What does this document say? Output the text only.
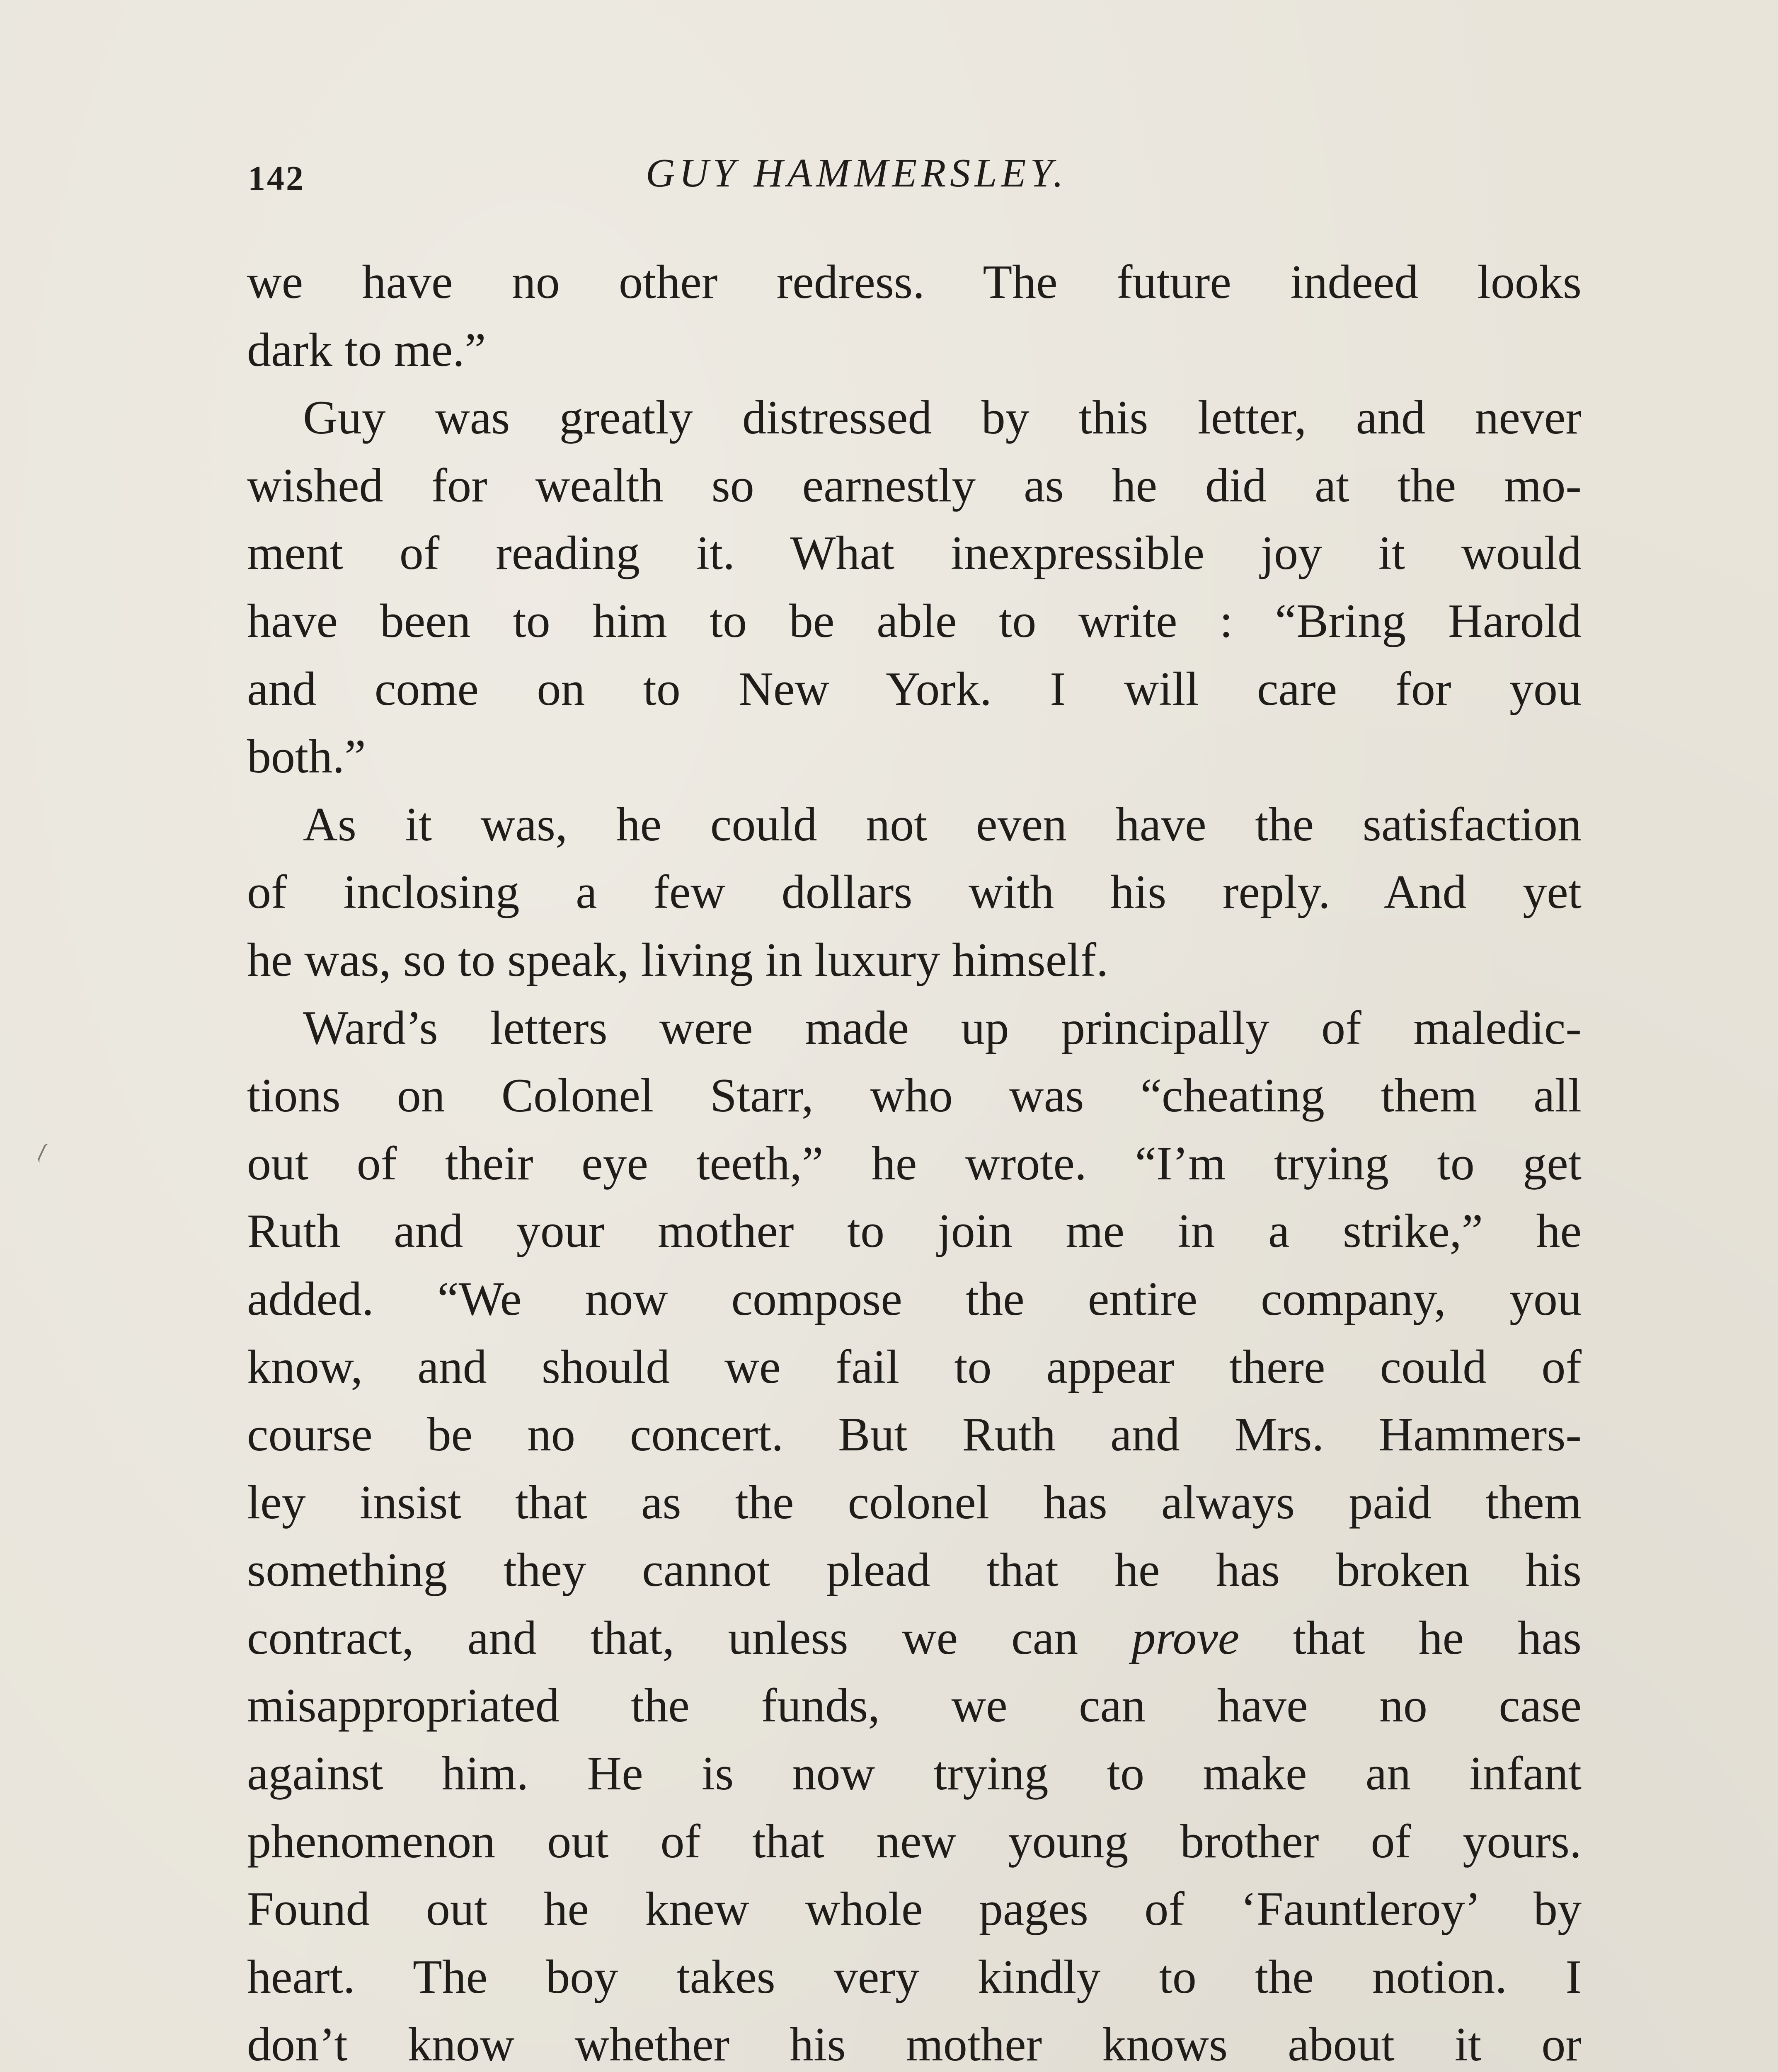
142	GUY HAMMERSLEY.
we have no other redress. The future indeed looks
dark to me.”
Guy was greatly distressed by this letter, and never
wished for wealth so earnestly as he did at the mo-
ment of reading it. What inexpressible joy it would
have been to him to be able to write : “Bring Harold
and come on to New York. I will care for you
both.”
As it was, he could not even have the satisfaction
of inclosing a few dollars with his reply. And yet
he was, so to speak, living in luxury himself.
Ward’s letters were made up principally of maledic-
tions on Colonel Starr, who was “cheating them all
out of their eye teeth,” he wrote. “I’m trying to get
Ruth and your mother to join me in a strike,” he
added. “We now compose the entire company, you
know, and should we fail to appear there could of
course be no concert. But Ruth and Mrs. Hammers-
ley insist that as the colonel has always paid them
something they cannot plead that he has broken his
contract, and that, unless we can prove that he has
misappropriated the funds, we can have no case
against him. He is now trying to make an infant
phenomenon out of that new young brother of yours.
Found out he knew whole pages of ‘Fauntleroy’ by
heart. The boy takes very kindly to the notion. I
don’t know whether his mother knows about it or
